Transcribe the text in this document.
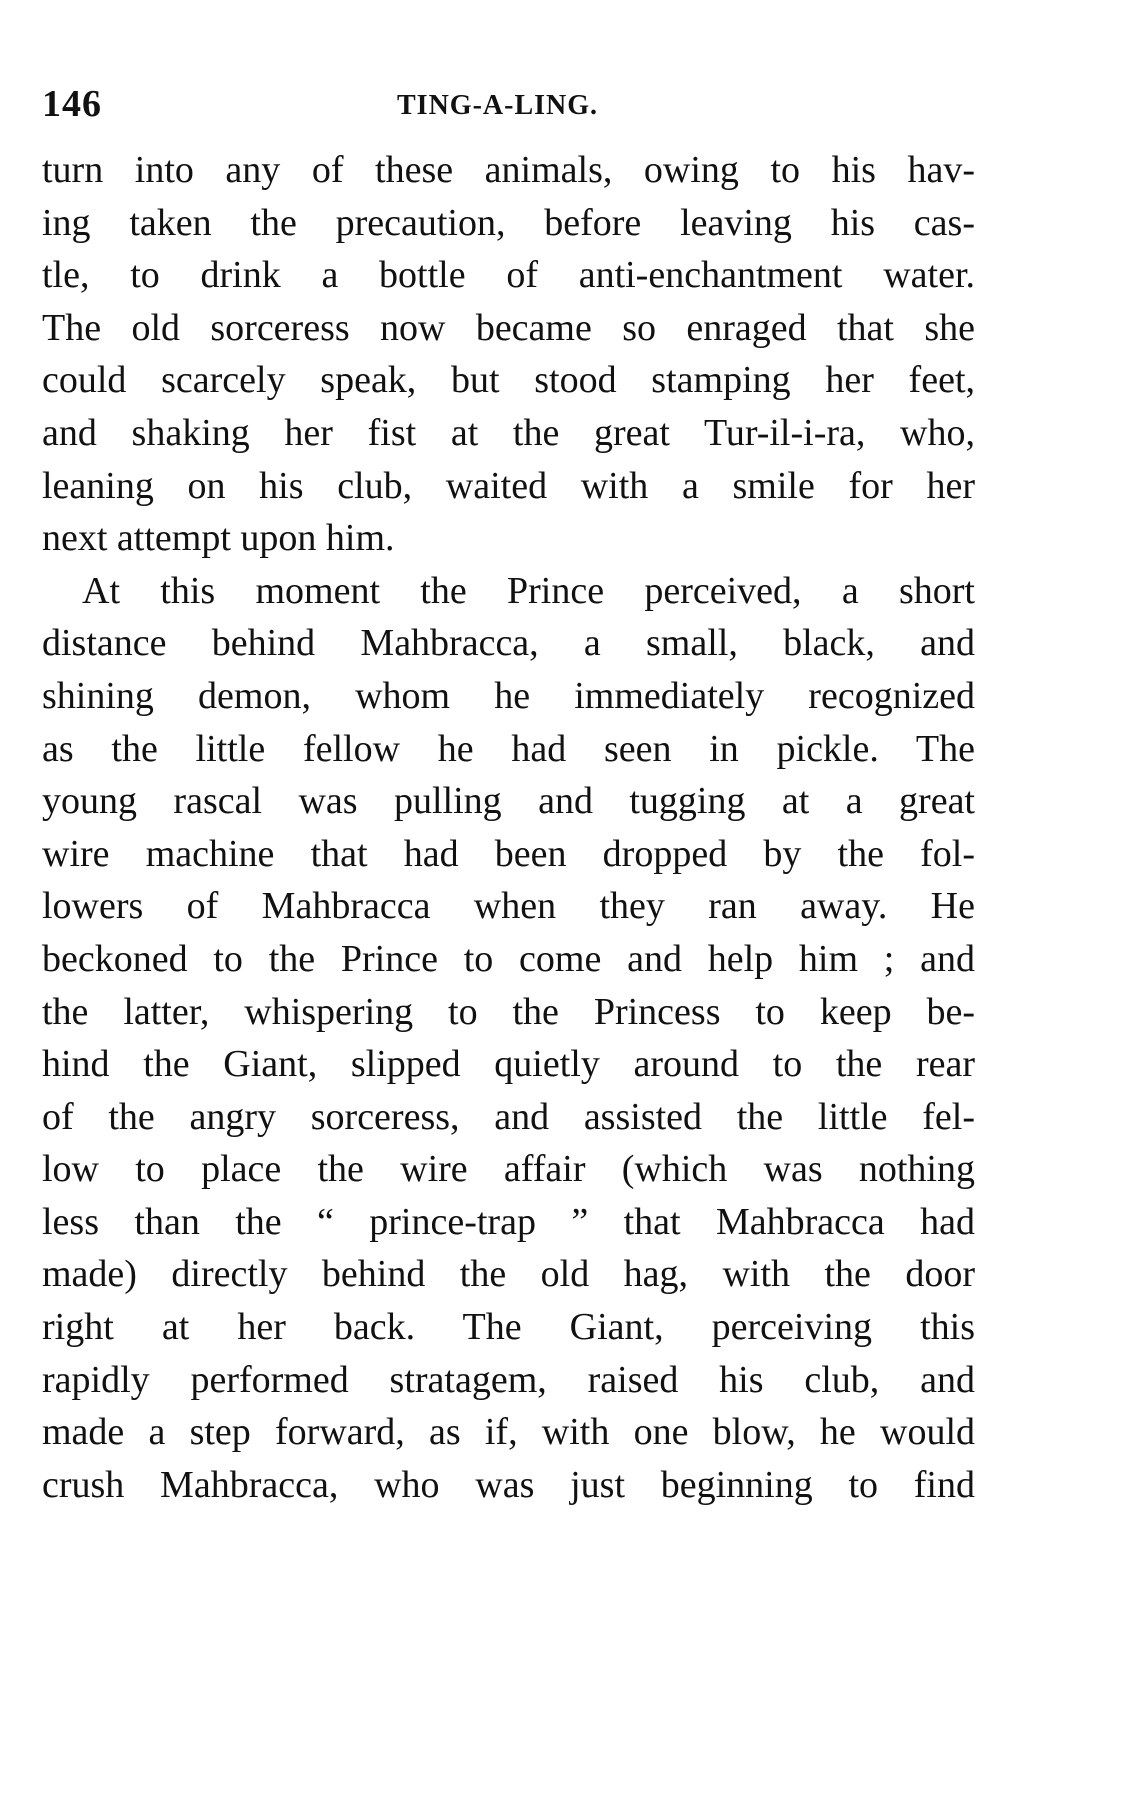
146	TING-A-LING.
turn into any of these animals, owing to his hav-
ing taken the precaution, before leaving his cas-
tle, to drink a bottle of anti-enchantment water.
The old sorceress now became so enraged that she
could scarcely speak, but stood stamping her feet,
and shaking her fist at the great Tur-il-i-ra, who,
leaning on his club, waited with a smile for her
next attempt upon him.
At this moment the Prince perceived, a short
distance behind Mahbracca, a small, black, and
shining demon, whom he immediately recognized
as the little fellow he had seen in pickle. The
young rascal was pulling and tugging at a great
wire machine that had been dropped by the fol-
lowers of Mahbracca when they ran away. He
beckoned to the Prince to come and help him ; and
the latter, whispering to the Princess to keep be-
hind the Giant, slipped quietly around to the rear
of the angry sorceress, and assisted the little fel-
low to place the wire affair (which was nothing
less than the “ prince-trap ” that Mahbracca had
made) directly behind the old hag, with the door
right at her back. The Giant, perceiving this
rapidly performed stratagem, raised his club, and
made a step forward, as if, with one blow, he would
crush Mahbracca, who was just beginning to find
